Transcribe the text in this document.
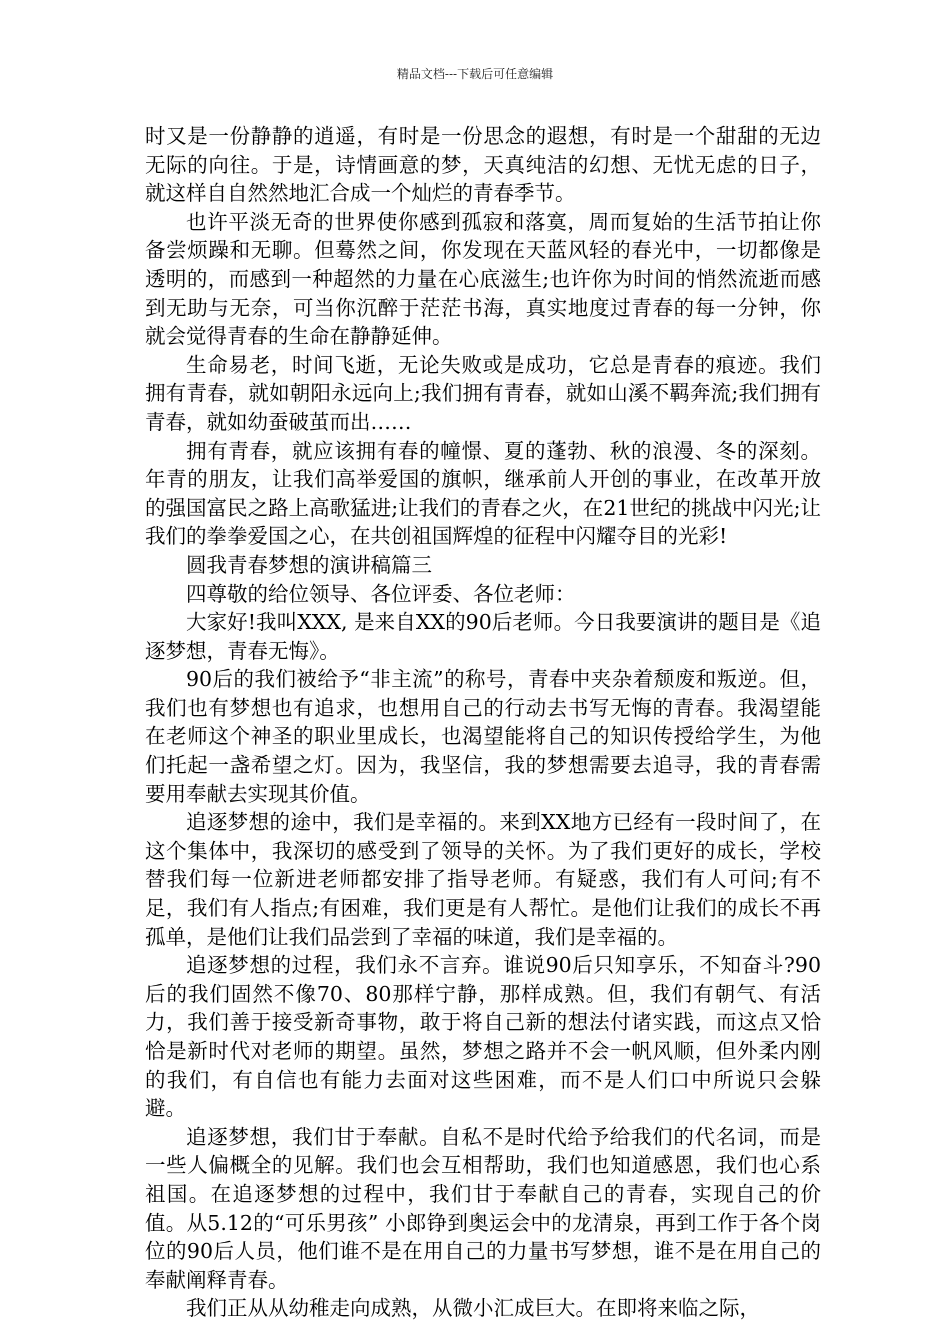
精品文档---下载后可任意编辑

时又是一份静静的逍遥，有时是一份思念的遐想，有时是一个甜甜的无边无际的向往。于是，诗情画意的梦，天真纯洁的幻想、无忧无虑的日子，就这样自自然然地汇合成一个灿烂的青春季节。

也许平淡无奇的世界使你感到孤寂和落寞，周而复始的生活节拍让你备尝烦躁和无聊。但蓦然之间，你发现在天蓝风轻的春光中，一切都像是透明的，而感到一种超然的力量在心底滋生;也许你为时间的悄然流逝而感到无助与无奈，可当你沉醉于茫茫书海，真实地度过青春的每一分钟，你就会觉得青春的生命在静静延伸。

生命易老，时间飞逝，无论失败或是成功，它总是青春的痕迹。我们拥有青春，就如朝阳永远向上;我们拥有青春，就如山溪不羁奔流;我们拥有青春，就如幼蚕破茧而出……

拥有青春，就应该拥有春的幢憬、夏的蓬勃、秋的浪漫、冬的深刻。年青的朋友，让我们高举爱国的旗帜，继承前人开创的事业，在改革开放的强国富民之路上高歌猛进;让我们的青春之火，在21世纪的挑战中闪光;让我们的拳拳爱国之心，在共创祖国辉煌的征程中闪耀夺目的光彩!

圆我青春梦想的演讲稿篇三

四尊敬的给位领导、各位评委、各位老师：

大家好!我叫XXX, 是来自XX的90后老师。今日我要演讲的题目是《追逐梦想，青春无悔》。

90后的我们被给予“非主流”的称号，青春中夹杂着颓废和叛逆。但，我们也有梦想也有追求，也想用自己的行动去书写无悔的青春。我渴望能在老师这个神圣的职业里成长，也渴望能将自己的知识传授给学生，为他们托起一盏希望之灯。因为，我坚信，我的梦想需要去追寻，我的青春需要用奉献去实现其价值。

追逐梦想的途中，我们是幸福的。来到XX地方已经有一段时间了，在这个集体中，我深切的感受到了领导的关怀。为了我们更好的成长，学校替我们每一位新进老师都安排了指导老师。有疑惑，我们有人可问;有不足，我们有人指点;有困难，我们更是有人帮忙。是他们让我们的成长不再孤单，是他们让我们品尝到了幸福的味道，我们是幸福的。

追逐梦想的过程，我们永不言弃。谁说90后只知享乐，不知奋斗?90后的我们固然不像70、80那样宁静，那样成熟。但，我们有朝气、有活力，我们善于接受新奇事物，敢于将自己新的想法付诸实践，而这点又恰恰是新时代对老师的期望。虽然，梦想之路并不会一帆风顺，但外柔内刚的我们，有自信也有能力去面对这些困难，而不是人们口中所说只会躲避。

追逐梦想，我们甘于奉献。自私不是时代给予给我们的代名词，而是一些人偏概全的见解。我们也会互相帮助，我们也知道感恩，我们也心系祖国。在追逐梦想的过程中，我们甘于奉献自己的青春，实现自己的价值。从5.12的“可乐男孩” 小郎铮到奥运会中的龙清泉，再到工作于各个岗位的90后人员，他们谁不是在用自己的力量书写梦想，谁不是在用自己的奉献阐释青春。

我们正从从幼稚走向成熟，从微小汇成巨大。在即将来临之际，
